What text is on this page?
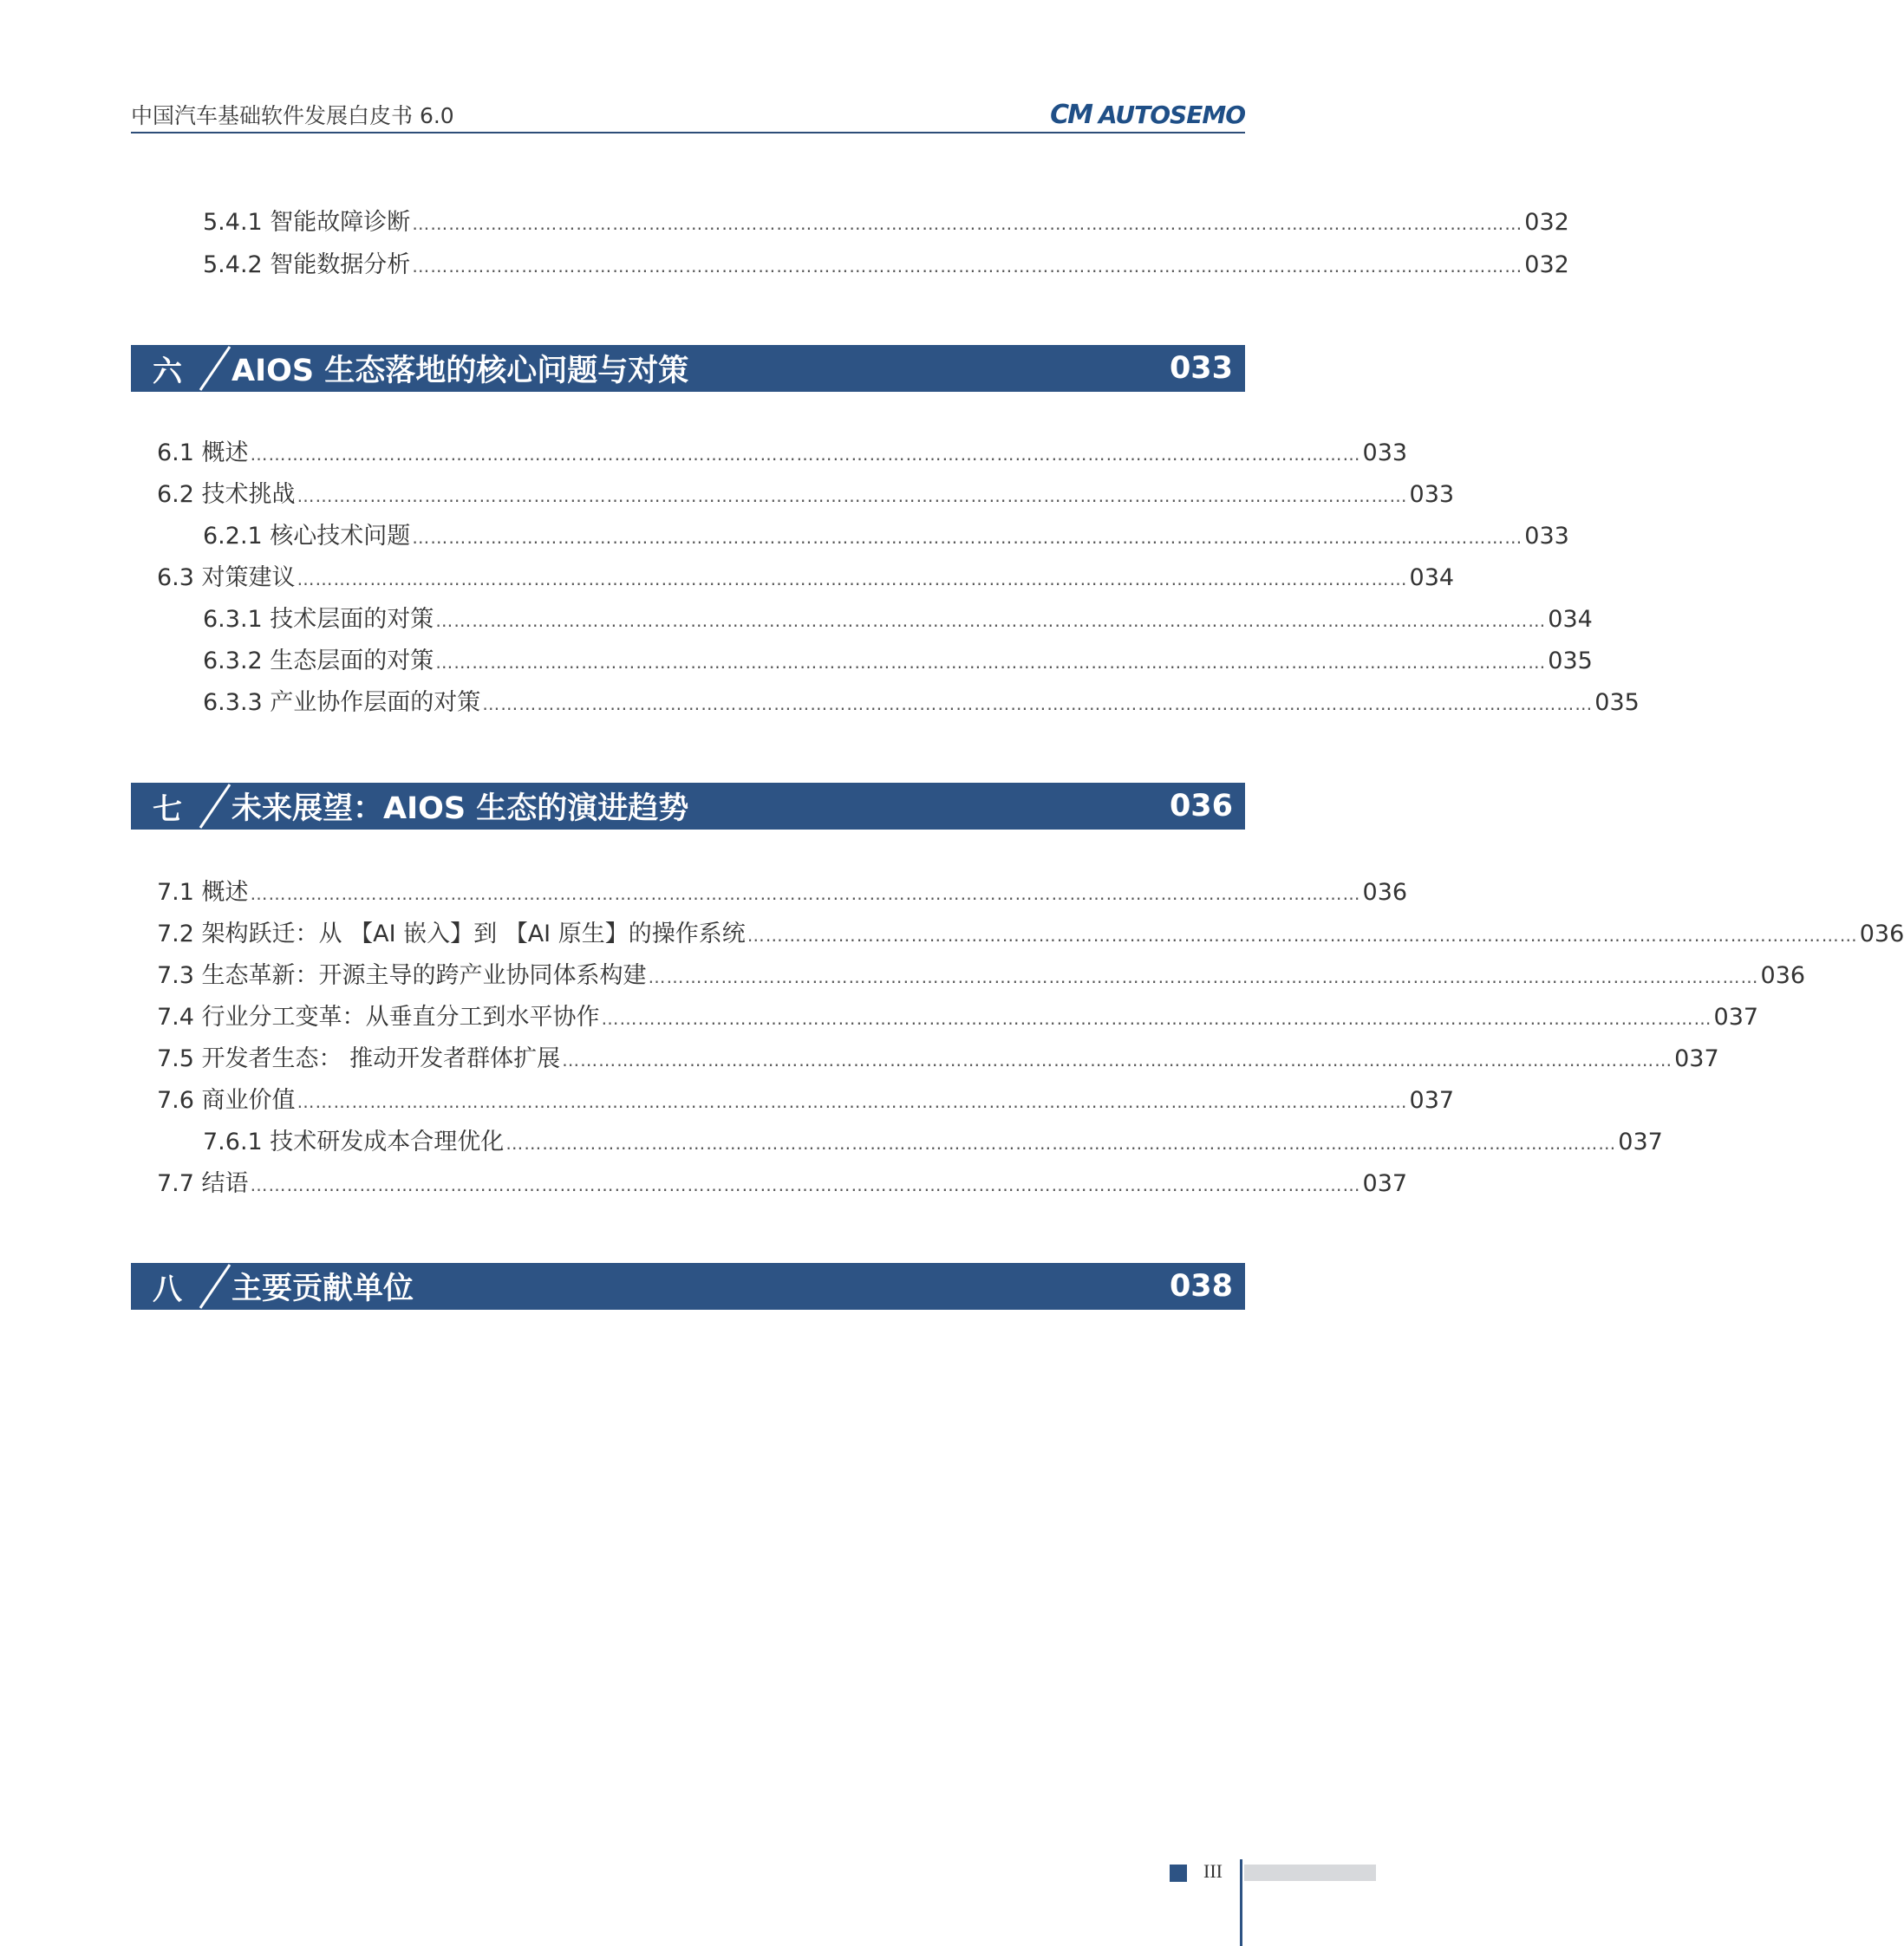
中国汽车基础软件发展白皮书 6.0	CM AUTOSEMO
5.4.1 智能故障诊断 ………………………………………………………………………………………………………………………………………………………………… 032
5.4.2 智能数据分析 ………………………………………………………………………………………………………………………………………………………………… 032
六	AIOS 生态落地的核心问题与对策	033
6.1 概述 ………………………………………………………………………………………………………………………………………………………………… 033
6.2 技术挑战 ………………………………………………………………………………………………………………………………………………………………… 033
6.2.1 核心技术问题 ………………………………………………………………………………………………………………………………………………………………… 033
6.3 对策建议 ………………………………………………………………………………………………………………………………………………………………… 034
6.3.1 技术层面的对策 ………………………………………………………………………………………………………………………………………………………………… 034
6.3.2 生态层面的对策 ………………………………………………………………………………………………………………………………………………………………… 035
6.3.3 产业协作层面的对策 ………………………………………………………………………………………………………………………………………………………………… 035
七	未来展望：AIOS 生态的演进趋势	036
7.1 概述 ………………………………………………………………………………………………………………………………………………………………… 036
7.2 架构跃迁：从 【AI 嵌入】到 【AI 原生】的操作系统 ………………………………………………………………………………………………………………………………………………………………… 036
7.3 生态革新：开源主导的跨产业协同体系构建 ………………………………………………………………………………………………………………………………………………………………… 036
7.4 行业分工变革：从垂直分工到水平协作 ………………………………………………………………………………………………………………………………………………………………… 037
7.5 开发者生态： 推动开发者群体扩展 ………………………………………………………………………………………………………………………………………………………………… 037
7.6 商业价值 ………………………………………………………………………………………………………………………………………………………………… 037
7.6.1 技术研发成本合理优化 ………………………………………………………………………………………………………………………………………………………………… 037
7.7 结语 ………………………………………………………………………………………………………………………………………………………………… 037
八	主要贡献单位	038
III
